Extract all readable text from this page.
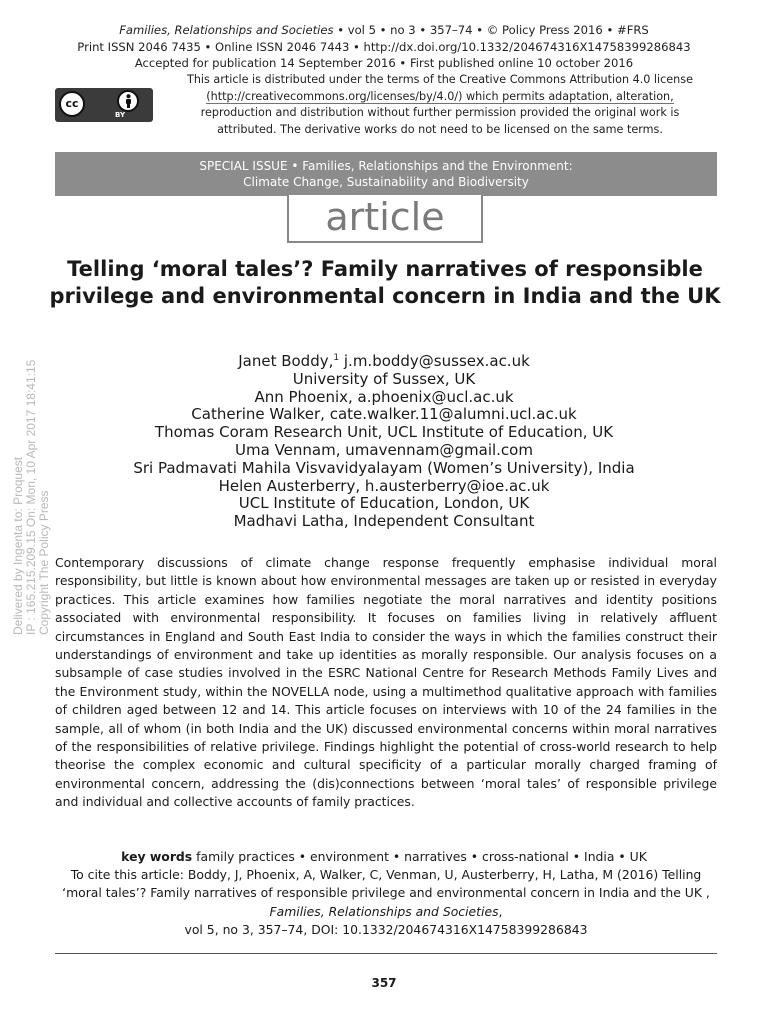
Families, Relationships and Societies • vol 5 • no 3 • 357–74 • © Policy Press 2016 • #FRS
Print ISSN 2046 7435 • Online ISSN 2046 7443 • http://dx.doi.org/10.1332/204674316X14758399286843
Accepted for publication 14 September 2016 • First published online 10 october 2016
cc
BY
This article is distributed under the terms of the Creative Commons Attribution 4.0 license
(http://creativecommons.org/licenses/by/4.0/) which permits adaptation, alteration,
reproduction and distribution without further permission provided the original work is
attributed. The derivative works do not need to be licensed on the same terms.
SPECIAL ISSUE • Families, Relationships and the Environment:
Climate Change, Sustainability and Biodiversity
article
Telling ‘moral tales’? Family narratives of responsible privilege and environmental concern in India and the UK
Janet Boddy,$^1$ j.m.boddy@sussex.ac.uk
University of Sussex, UK
Ann Phoenix, a.phoenix@ucl.ac.uk
Catherine Walker, cate.walker.11@alumni.ucl.ac.uk
Thomas Coram Research Unit, UCL Institute of Education, UK
Uma Vennam, umavennam@gmail.com
Sri Padmavati Mahila Visvavidyalayam (Women’s University), India
Helen Austerberry, h.austerberry@ioe.ac.uk
UCL Institute of Education, London, UK
Madhavi Latha, Independent Consultant
Delivered by Ingenta to: Proquest IP : 165.215.209.15 On: Mon, 10 Apr 2017 18:41:15 Copyright The Policy Press Contemporary discussions of climate change response frequently emphasise individual moral responsibility, but little is known about how environmental messages are taken up or resisted in everyday practices. This article examines how families negotiate the moral narratives and identity positions associated with environmental responsibility. It focuses on families living in relatively affluent circumstances in England and South East India to consider the ways in which the families construct their understandings of environment and take up identities as morally responsible. Our analysis focuses on a subsample of case studies involved in the ESRC National Centre for Research Methods Family Lives and the Environment study, within the NOVELLA node, using a multimethod qualitative approach with families of children aged between 12 and 14. This article focuses on interviews with 10 of the 24 families in the sample, all of whom (in both India and the UK) discussed environmental concerns within moral narratives of the responsibilities of relative privilege. Findings highlight the potential of cross-world research to help theorise the complex economic and cultural specificity of a particular morally charged framing of environmental concern, addressing the (dis)connections between ‘moral tales’ of responsible privilege and individual and collective accounts of family practices.

key words family practices • environment • narratives • cross-national • India • UK
To cite this article: Boddy, J, Phoenix, A, Walker, C, Venman, U, Austerberry, H, Latha, M (2016) Telling ‘moral tales’? Family narratives of responsible privilege and environmental concern in India and the UK , Families, Relationships and Societies,
vol 5, no 3, 357–74, DOI: 10.1332/204674316X14758399286843
357
